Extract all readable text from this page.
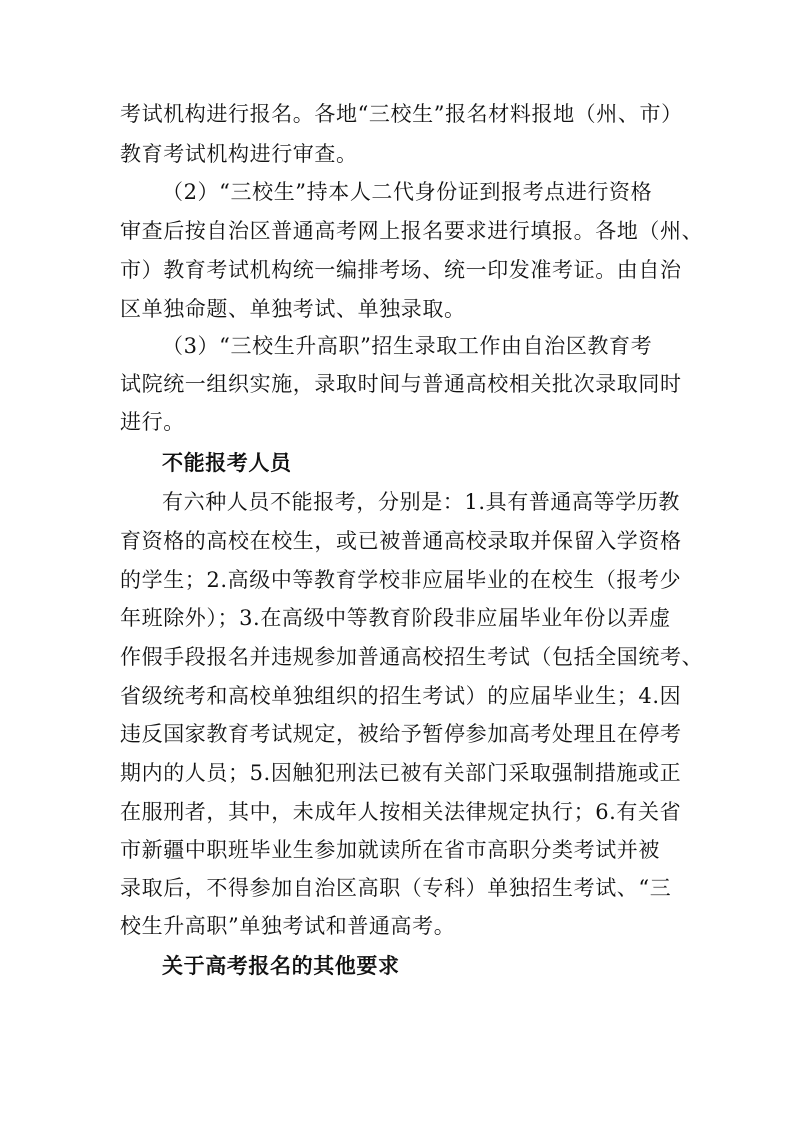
考试机构进行报名。各地“三校生”报名材料报地（州、市）
教育考试机构进行审查。
（2）“三校生”持本人二代身份证到报考点进行资格
审查后按自治区普通高考网上报名要求进行填报。各地（州、
市）教育考试机构统一编排考场、统一印发准考证。由自治
区单独命题、单独考试、单独录取。
（3）“三校生升高职”招生录取工作由自治区教育考
试院统一组织实施，录取时间与普通高校相关批次录取同时
进行。
不能报考人员
有六种人员不能报考，分别是：1.具有普通高等学历教
育资格的高校在校生，或已被普通高校录取并保留入学资格
的学生；2.高级中等教育学校非应届毕业的在校生（报考少
年班除外）；3.在高级中等教育阶段非应届毕业年份以弄虚
作假手段报名并违规参加普通高校招生考试（包括全国统考、
省级统考和高校单独组织的招生考试）的应届毕业生；4.因
违反国家教育考试规定，被给予暂停参加高考处理且在停考
期内的人员；5.因触犯刑法已被有关部门采取强制措施或正
在服刑者，其中，未成年人按相关法律规定执行；6.有关省
市新疆中职班毕业生参加就读所在省市高职分类考试并被
录取后，不得参加自治区高职（专科）单独招生考试、“三
校生升高职”单独考试和普通高考。
关于高考报名的其他要求
